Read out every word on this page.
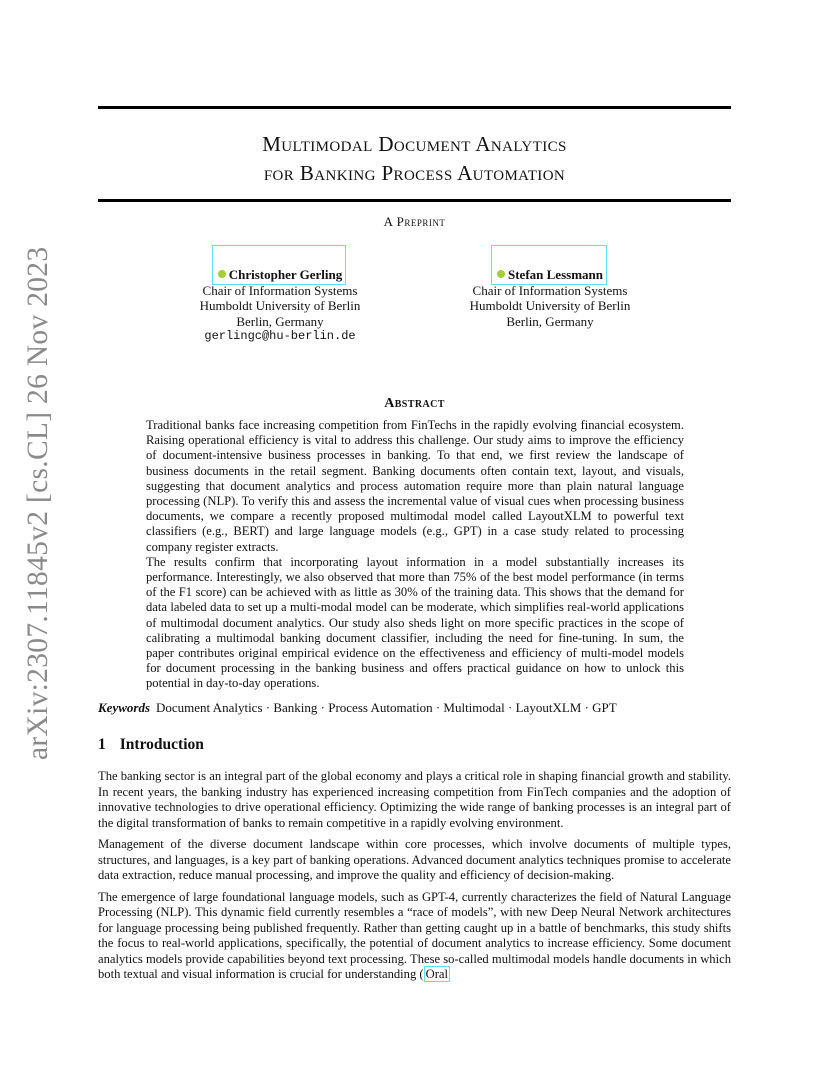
arXiv:2307.11845v2 [cs.CL] 26 Nov 2023
Multimodal Document Analytics
for Banking Process Automation
A Preprint
Christopher Gerling
Chair of Information Systems
Humboldt University of Berlin
Berlin, Germany
gerlingc@hu-berlin.de
Stefan Lessmann
Chair of Information Systems
Humboldt University of Berlin
Berlin, Germany
Abstract

Traditional banks face increasing competition from FinTechs in the rapidly evolving financial ecosystem. Raising operational efficiency is vital to address this challenge. Our study aims to improve the efficiency of document-intensive business processes in banking. To that end, we first review the landscape of business documents in the retail segment. Banking documents often contain text, layout, and visuals, suggesting that document analytics and process automation require more than plain natural language processing (NLP). To verify this and assess the incremental value of visual cues when processing business documents, we compare a recently proposed multimodal model called LayoutXLM to powerful text classifiers (e.g., BERT) and large language models (e.g., GPT) in a case study related to processing company register extracts.

The results confirm that incorporating layout information in a model substantially increases its performance. Interestingly, we also observed that more than 75% of the best model performance (in terms of the F1 score) can be achieved with as little as 30% of the training data. This shows that the demand for data labeled data to set up a multi-modal model can be moderate, which simplifies real-world applications of multimodal document analytics. Our study also sheds light on more specific practices in the scope of calibrating a multimodal banking document classifier, including the need for fine-tuning. In sum, the paper contributes original empirical evidence on the effectiveness and efficiency of multi-model models for document processing in the banking business and offers practical guidance on how to unlock this potential in day-to-day operations.

Keywords Document Analytics · Banking · Process Automation · Multimodal · LayoutXLM · GPT
1 Introduction

The banking sector is an integral part of the global economy and plays a critical role in shaping financial growth and stability. In recent years, the banking industry has experienced increasing competition from FinTech companies and the adoption of innovative technologies to drive operational efficiency. Optimizing the wide range of banking processes is an integral part of the digital transformation of banks to remain competitive in a rapidly evolving environment.

Management of the diverse document landscape within core processes, which involve documents of multiple types, structures, and languages, is a key part of banking operations. Advanced document analytics techniques promise to accelerate data extraction, reduce manual processing, and improve the quality and efficiency of decision-making.

The emergence of large foundational language models, such as GPT-4, currently characterizes the field of Natural Language Processing (NLP). This dynamic field currently resembles a “race of models”, with new Deep Neural Network architectures for language processing being published frequently. Rather than getting caught up in a battle of benchmarks, this study shifts the focus to real-world applications, specifically, the potential of document analytics to increase efficiency. Some document analytics models provide capabilities beyond text processing. These so-called multimodal models handle documents in which both textual and visual information is crucial for understanding ( Oral
